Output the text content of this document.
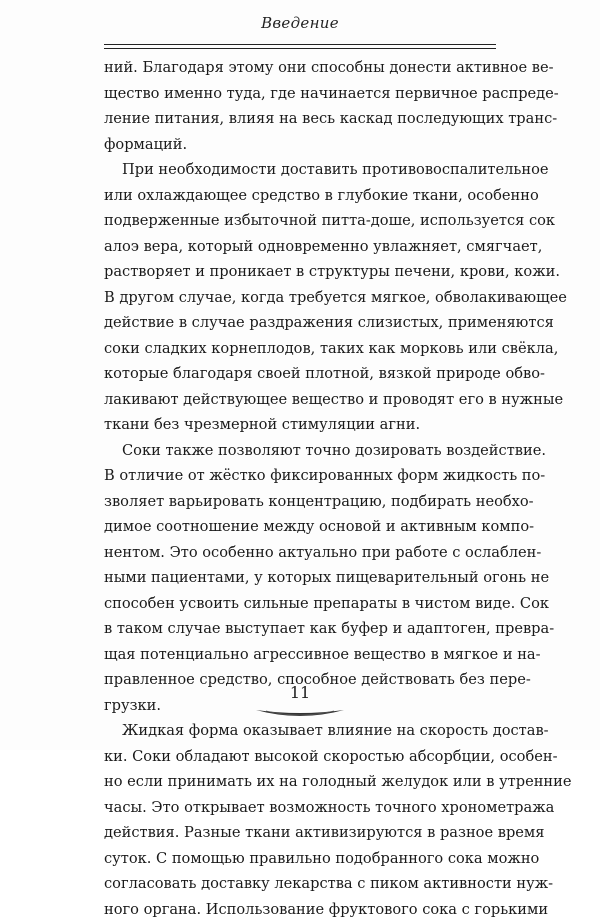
Введение
ний. Благодаря этому они способны донести активное ве-
щество именно туда, где начинается первичное распреде-
ление питания, влияя на весь каскад последующих транс-
формаций.
При необходимости доставить противовоспалительное
или охлаждающее средство в глубокие ткани, особенно
подверженные избыточной питта-доше, используется сок
алоэ вера, который одновременно увлажняет, смягчает,
растворяет и проникает в структуры печени, крови, кожи.
В другом случае, когда требуется мягкое, обволакивающее
действие в случае раздражения слизистых, применяются
соки сладких корнеплодов, таких как морковь или свёкла,
которые благодаря своей плотной, вязкой природе обво-
лакивают действующее вещество и проводят его в нужные
ткани без чрезмерной стимуляции агни.
Соки также позволяют точно дозировать воздействие.
В отличие от жёстко фиксированных форм жидкость по-
зволяет варьировать концентрацию, подбирать необхо-
димое соотношение между основой и активным компо-
нентом. Это особенно актуально при работе с ослаблен-
ными пациентами, у которых пищеварительный огонь не
способен усвоить сильные препараты в чистом виде. Сок
в таком случае выступает как буфер и адаптоген, превра-
щая потенциально агрессивное вещество в мягкое и на-
правленное средство, способное действовать без пере-
грузки.
Жидкая форма оказывает влияние на скорость достав-
ки. Соки обладают высокой скоростью абсорбции, особен-
но если принимать их на голодный желудок или в утренние
часы. Это открывает возможность точного хронометража
действия. Разные ткани активизируются в разное время
суток. С помощью правильно подобранного сока можно
согласовать доставку лекарства с пиком активности нуж-
ного органа. Использование фруктового сока с горькими
11
